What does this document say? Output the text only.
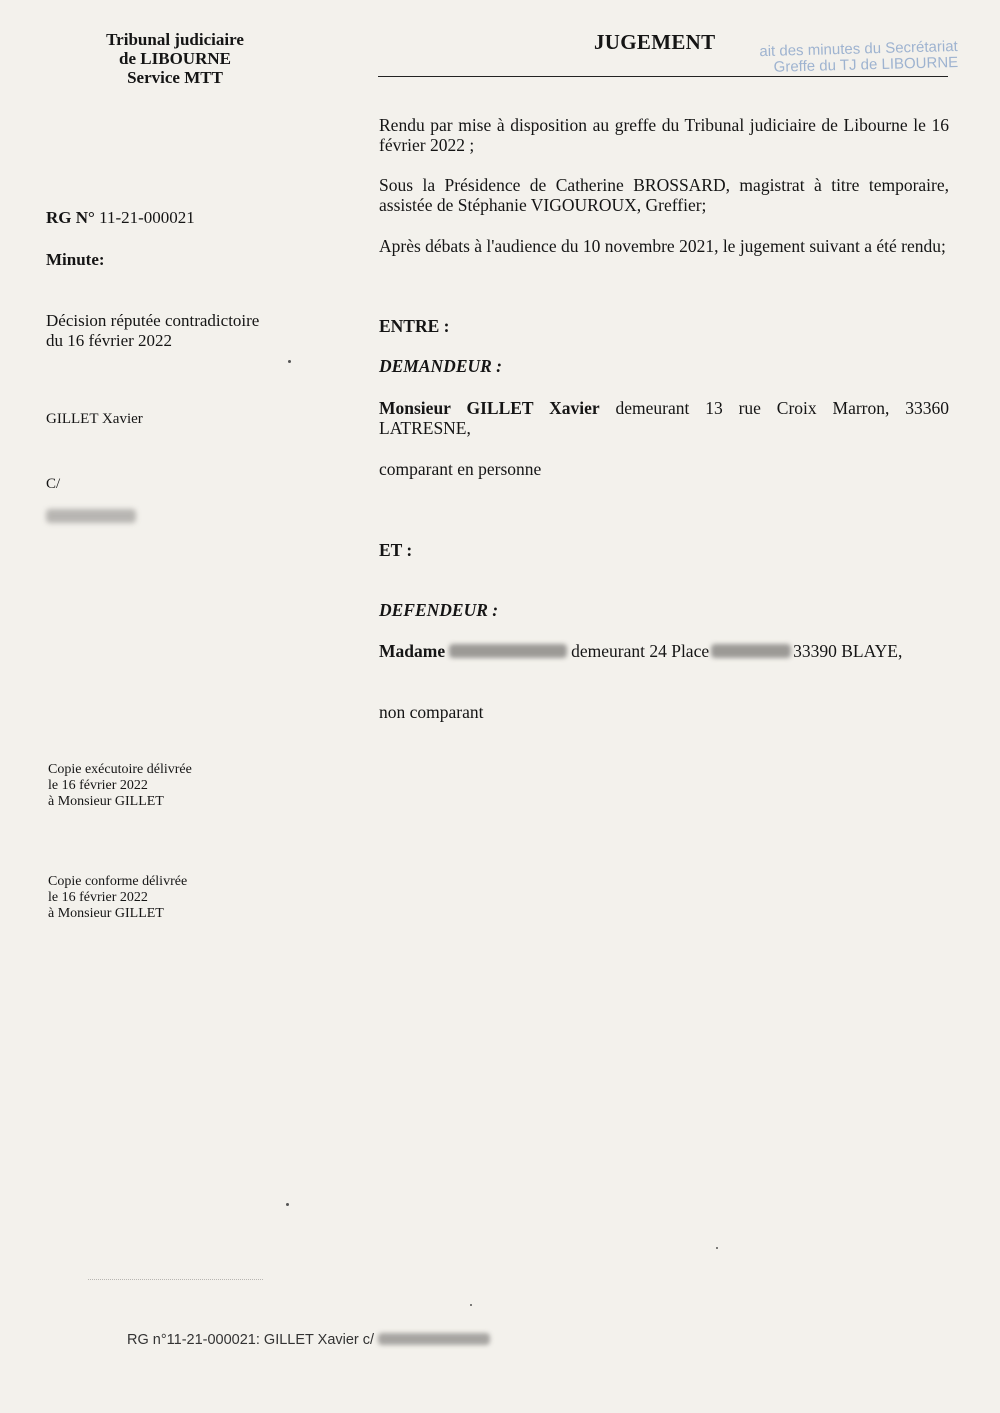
Tribunal judiciaire
de LIBOURNE
Service MTT
JUGEMENT	ait des minutes du Secrétariat
Greffe du TJ de LIBOURNE
RG N° 11-21-000021
Minute:
Décision réputée contradictoire
du 16 février 2022
GILLET Xavier
C/
Copie exécutoire délivrée
le 16 février 2022
à Monsieur GILLET
Copie conforme délivrée
le 16 février 2022
à Monsieur GILLET
Rendu par mise à disposition au greffe du Tribunal judiciaire de Libourne le 16 février 2022 ;
Sous la Présidence de Catherine BROSSARD, magistrat à titre temporaire, assistée de Stéphanie VIGOUROUX, Greffier;
Après débats à l'audience du 10 novembre 2021, le jugement suivant a été rendu;
ENTRE :
DEMANDEUR :
Monsieur GILLET Xavier demeurant 13 rue Croix Marron, 33360 LATRESNE,
comparant en personne
ET :
DEFENDEUR :
Madame	demeurant 24 Place	33390 BLAYE,
non comparant
RG n°11-21-000021: GILLET Xavier c/
